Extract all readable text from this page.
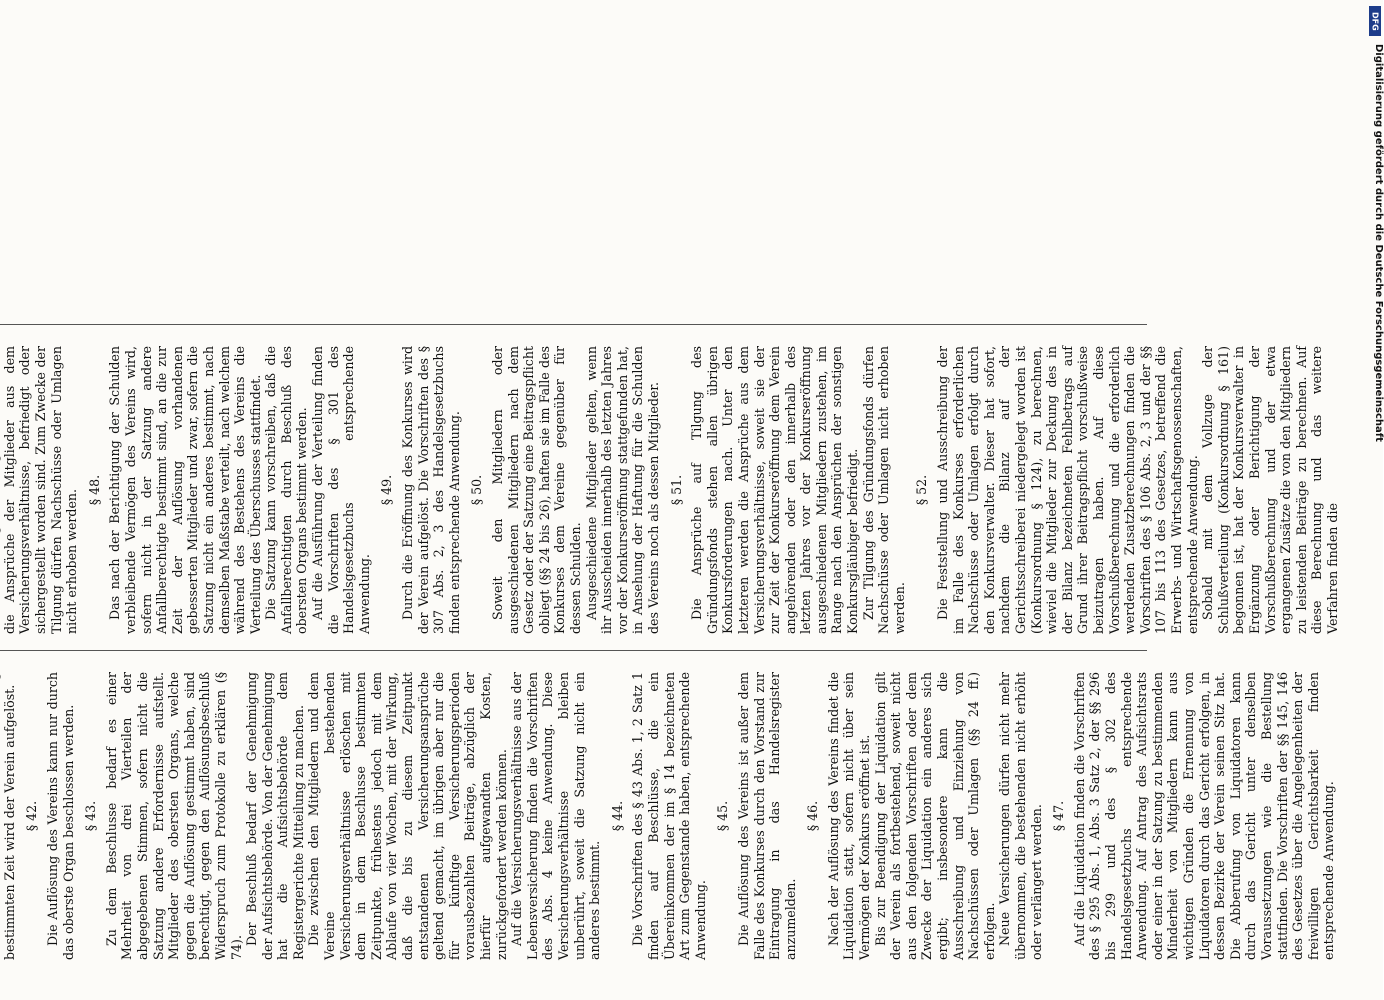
bestimmten Zeit wird der Verein aufgelöst.

§ 42. Die Auflösung des Vereins kann nur durch das oberste Organ beschlossen werden. § 43. Zu dem Beschlusse bedarf es einer Mehrheit von drei Vierteilen der abgegebenen Stimmen, sofern nicht die Satzung andere Erfordernisse aufstellt. Mitglieder des obersten Organs, welche gegen die Auflösung gestimmt haben, sind berechtigt, gegen den Auflösungsbeschluß Widerspruch zum Protokolle zu erklären (§ 74).

Der Beschluß bedarf der Genehmigung der Aufsichtsbehörde. Von der Genehmigung hat die Aufsichtsbehörde dem Registergerichte Mitteilung zu machen. Die zwischen den Mitgliedern und dem Vereine bestehenden Versicherungsverhältnisse erlöschen mit dem in dem Beschlusse bestimmten Zeitpunkte, frühestens jedoch mit dem Ablaufe von vier Wochen, mit der Wirkung, daß die bis zu diesem Zeitpunkt entstandenen Versicherungsansprüche geltend gemacht, im übrigen aber nur die für künftige Versicherungsperioden vorausbezahlten Beiträge, abzüglich der hierfür aufgewandten Kosten, zurückgefordert werden können. Auf die Versicherungsverhältnisse aus der Lebensversicherung finden die Vorschriften des Abs. 4 keine Anwendung. Diese Versicherungsverhältnisse bleiben unberührt, soweit die Satzung nicht ein anderes bestimmt.

§ 44. Die Vorschriften des § 43 Abs. 1, 2 Satz 1 finden auf Beschlüsse, die ein Übereinkommen der im § 14 bezeichneten Art zum Gegenstande haben, entsprechende Anwendung.

§ 45. Die Auflösung des Vereins ist außer dem Falle des Konkurses durch den Vorstand zur Eintragung in das Handelsregister anzumelden.

§ 46. Nach der Auflösung des Vereins findet die Liquidation statt, sofern nicht über sein Vermögen der Konkurs eröffnet ist. Bis zur Beendigung der Liquidation gilt der Verein als fortbestehend, soweit nicht aus den folgenden Vorschriften oder dem Zwecke der Liquidation ein anderes sich ergibt; insbesondere kann die Ausschreibung und Einziehung von Nachschüssen oder Umlagen (§§ 24 ff.) erfolgen. Neue Versicherungen dürfen nicht mehr übernommen, die bestehenden nicht erhöht oder verlängert werden. § 47. Auf die Liquidation finden die Vorschriften des § 295 Abs. 1, Abs. 3 Satz 2, der §§ 296 bis 299 und des § 302 des Handelsgesetzbuchs entsprechende Anwendung. Auf Antrag des Aufsichtsrats oder einer in der Satzung zu bestimmenden Minderheit von Mitgliedern kann aus wichtigen Gründen die Ernennung von Liquidatoren durch das Gericht erfolgen, in dessen Bezirke der Verein seinen Sitz hat. Die Abberufung von Liquidatoren kann durch das Gericht unter denselben Voraussetzungen wie die Bestellung stattfinden. Die Vorschriften der §§ 145, 146 des Gesetzes über die Angelegenheiten der freiwilligen Gerichtsbarkeit finden entsprechende Anwendung.

die Ansprüche der Mitglieder aus dem Versicherungsverhältnisse, befriedigt oder sichergestellt worden sind. Zum Zwecke der Tilgung dürfen Nachschüsse oder Umlagen nicht erhoben werden. § 48. Das nach der Berichtigung der Schulden verbleibende Vermögen des Vereins wird, sofern nicht in der Satzung andere Anfallberechtigte bestimmt sind, an die zur Zeit der Auflösung vorhandenen gebesserten Mitglieder und zwar, sofern die Satzung nicht ein anderes bestimmt, nach demselben Maßstabe verteilt, nach welchem während des Bestehens des Vereins die Verteilung des Überschusses stattfindet. Die Satzung kann vorschreiben, daß die Anfallberechtigten durch Beschluß des obersten Organs bestimmt werden. Auf die Ausführung der Verteilung finden die Vorschriften des § 301 des Handelsgesetzbuchs entsprechende Anwendung.

§ 49. Durch die Eröffnung des Konkurses wird der Verein aufgelöst. Die Vorschriften des § 307 Abs. 2, 3 des Handelsgesetzbuchs finden entsprechende Anwendung. § 50. Soweit den Mitgliedern oder ausgeschiedenen Mitgliedern nach dem Gesetz oder der Satzung eine Beitragspflicht obliegt (§§ 24 bis 26), haften sie im Falle des Konkurses dem Vereine gegenüber für dessen Schulden. Ausgeschiedene Mitglieder gelten, wenn ihr Ausscheiden innerhalb des letzten Jahres vor der Konkurseröffnung stattgefunden hat, in Ansehung der Haftung für die Schulden des Vereins noch als dessen Mitglieder. § 51. Die Ansprüche auf Tilgung des Gründungsfonds stehen allen übrigen Konkursforderungen nach. Unter den letzteren werden die Ansprüche aus dem Versicherungsverhältnisse, soweit sie der zur Zeit der Konkurseröffnung dem Verein angehörenden oder den innerhalb des letzten Jahres vor der Konkurseröffnung ausgeschiedenen Mitgliedern zustehen, im Range nach den Ansprüchen der sonstigen Konkursgläubiger befriedigt. Zur Tilgung des Gründungsfonds dürfen Nachschüsse oder Umlagen nicht erhoben werden.

§ 52. Die Feststellung und Ausschreibung der im Falle des Konkurses erforderlichen Nachschüsse oder Umlagen erfolgt durch den Konkursverwalter. Dieser hat sofort, nachdem die Bilanz auf der Gerichtsschreiberei niedergelegt worden ist (Konkursordnung § 124), zu berechnen, wieviel die Mitglieder zur Deckung des in der Bilanz bezeichneten Fehlbetrags auf Grund ihrer Beitragspflicht vorschußweise beizutragen haben. Auf diese Vorschußberechnung und die erforderlich werdenden Zusatzberechnungen finden die Vorschriften des § 106 Abs. 2, 3 und der §§ 107 bis 113 des Gesetzes, betreffend die Erwerbs- und Wirtschaftsgenossenschaften, entsprechende Anwendung. Sobald mit dem Vollzuge der Schlußverteilung (Konkursordnung § 161) begonnen ist, hat der Konkursverwalter in Ergänzung oder Berichtigung der Vorschußberechnung und der etwa ergangenen Zusätze die von den Mitgliedern zu leistenden Beiträge zu berechnen. Auf diese Berechnung und das weitere Verfahren finden die

DFG
Digitalisierung gefördert durch die Deutsche Forschungsgemeinschaft
